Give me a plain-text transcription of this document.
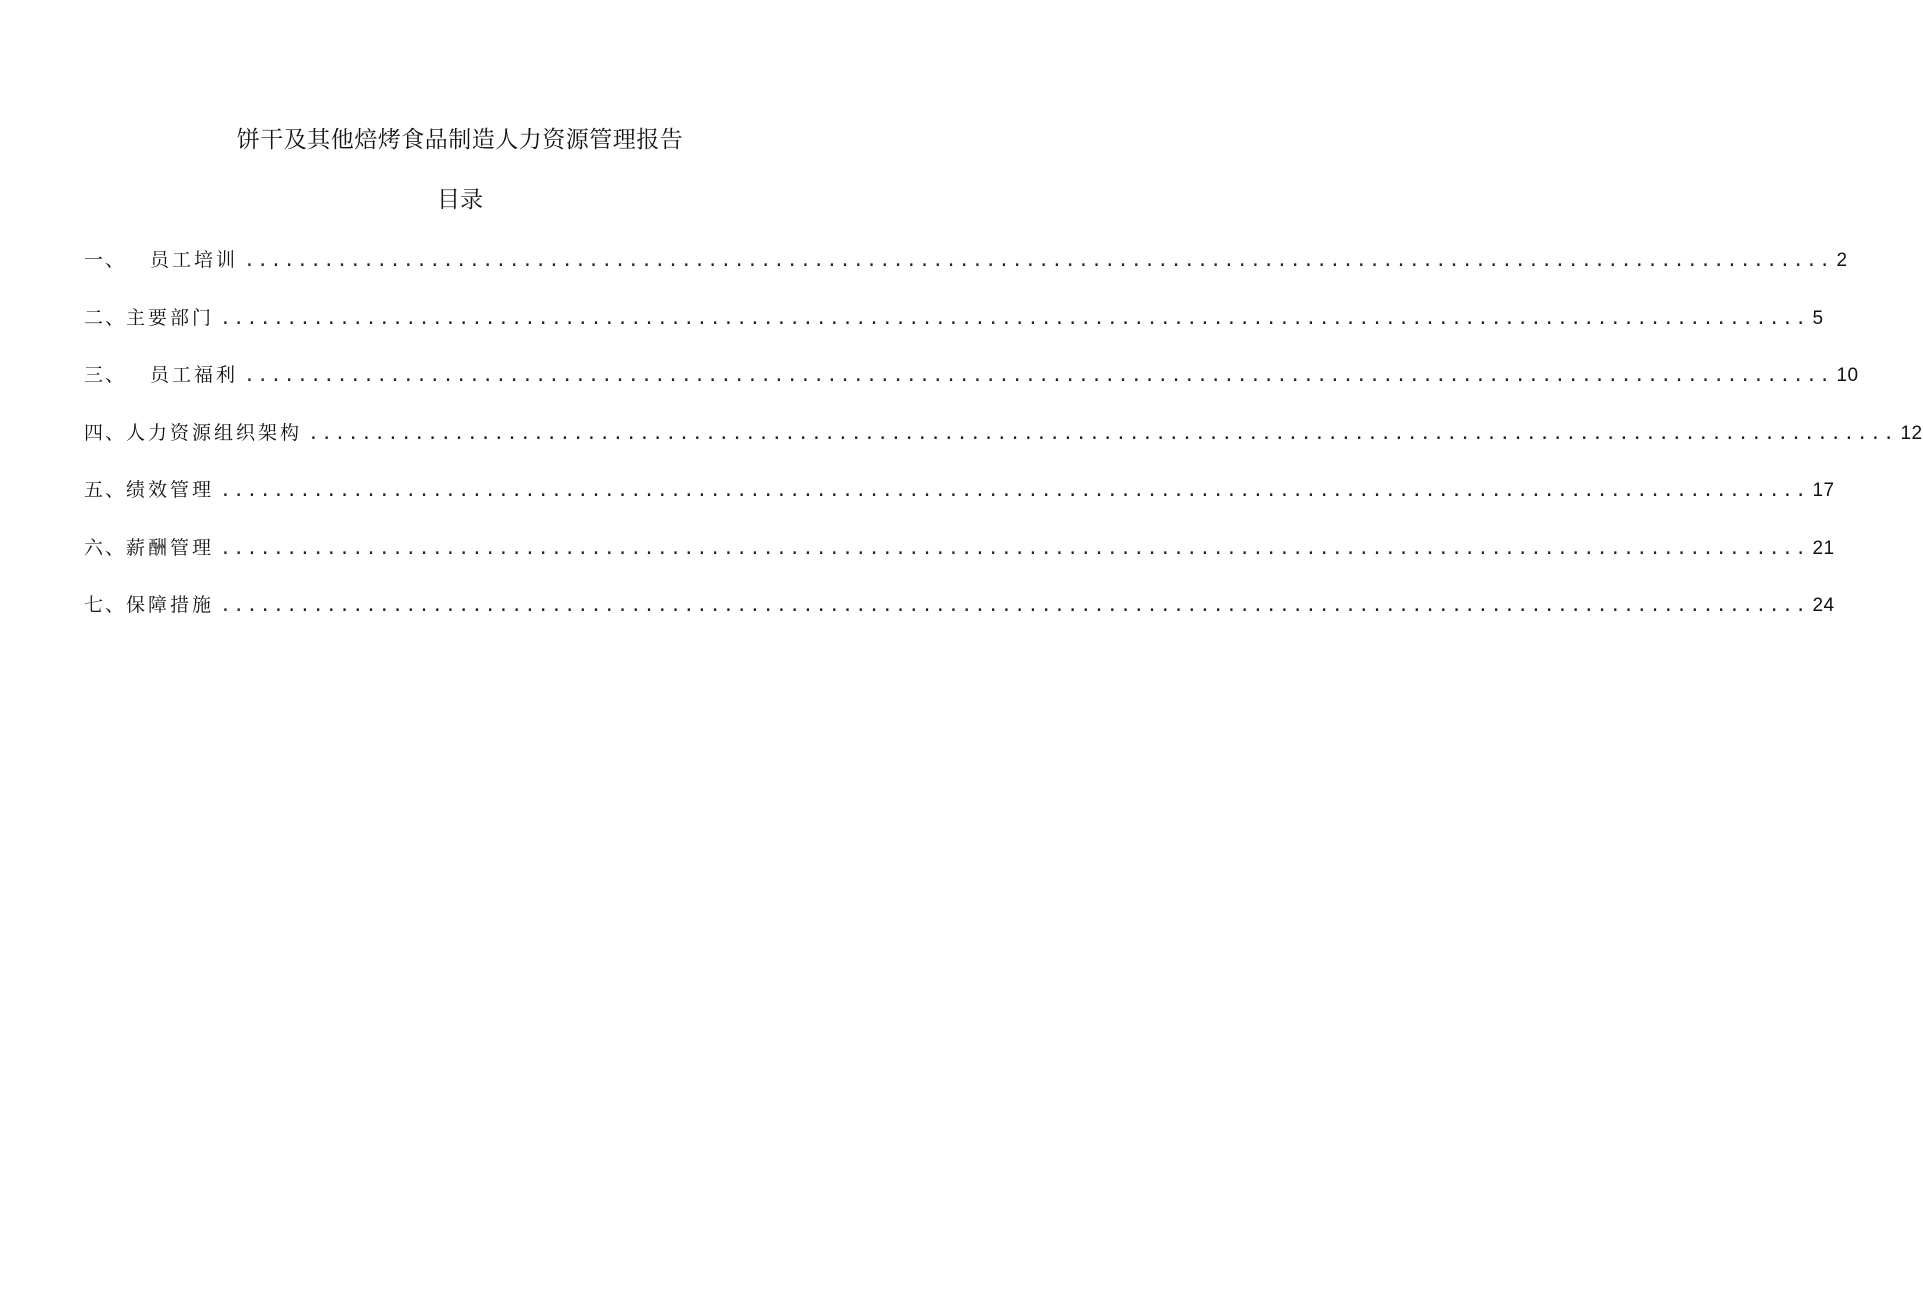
饼干及其他焙烤食品制造人力资源管理报告
目录
一、	员工培训 ........................................................................................................................ 2
二、 主要部门 ........................................................................................................................ 5
三、	员工福利 ........................................................................................................................ 10
四、 人力资源组织架构 ........................................................................................................................ 12
五、 绩效管理 ........................................................................................................................ 17
六、 薪酬管理 ........................................................................................................................ 21
七、 保障措施 ........................................................................................................................ 24
